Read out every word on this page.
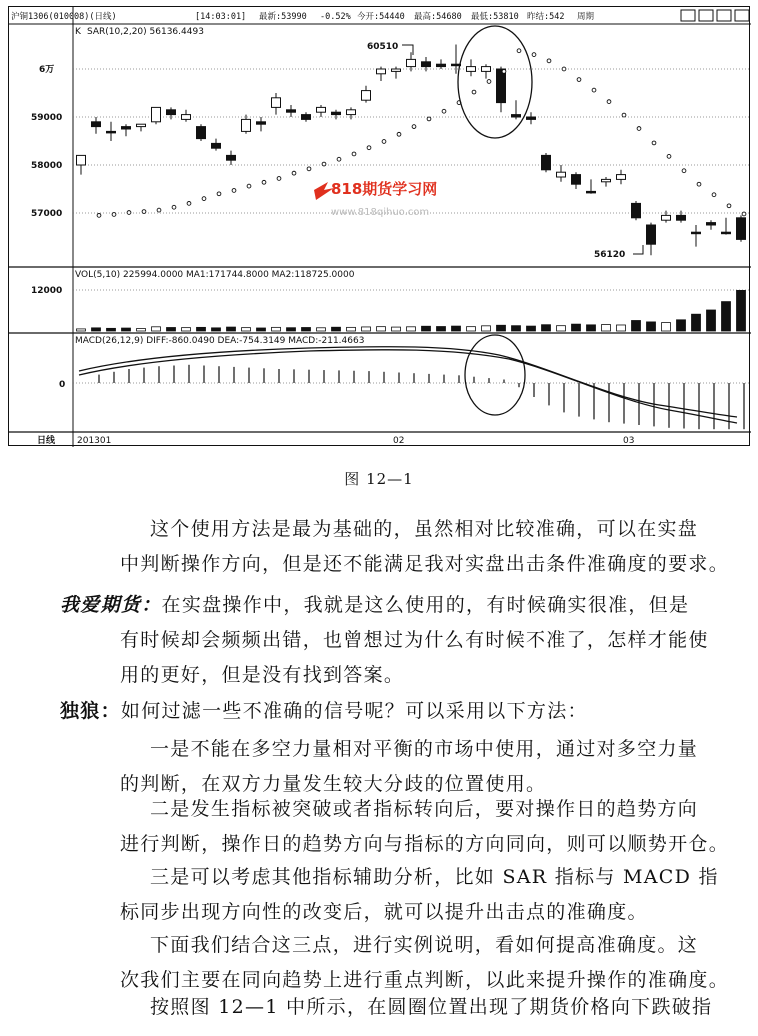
沪铜1306(010008)(日线)	[14:03:01] 最新:53990 -0.52% 今开:54440 最高:54680 最低:53810 昨结:542 周期
K SAR(10,2,20) 56136.4493
6万
59000
58000
57000
60510
56120
VOL(5,10) 225994.0000 MA1:171744.8000 MA2:118725.0000
12000
MACD(26,12,9) DIFF:-860.0490 DEA:-754.3149 MACD:-211.4663
0
日线 201301	02	03
818期货学习网
www.818qihuo.com
图 12—1
这个使用方法是最为基础的，虽然相对比较准确，可以在实盘
中判断操作方向，但是还不能满足我对实盘出击条件准确度的要求。
我爱期货：在实盘操作中，我就是这么使用的，有时候确实很准，但是
有时候却会频频出错，也曾想过为什么有时候不准了，怎样才能使
用的更好，但是没有找到答案。
独狼：如何过滤一些不准确的信号呢？可以采用以下方法：
一是不能在多空力量相对平衡的市场中使用，通过对多空力量
的判断，在双方力量发生较大分歧的位置使用。
二是发生指标被突破或者指标转向后，要对操作日的趋势方向
进行判断，操作日的趋势方向与指标的方向同向，则可以顺势开仓。
三是可以考虑其他指标辅助分析，比如 SAR 指标与 MACD 指
标同步出现方向性的改变后，就可以提升出击点的准确度。
下面我们结合这三点，进行实例说明，看如何提高准确度。这
次我们主要在同向趋势上进行重点判断，以此来提升操作的准确度。
按照图 12—1 中所示，在圆圈位置出现了期货价格向下跌破指
